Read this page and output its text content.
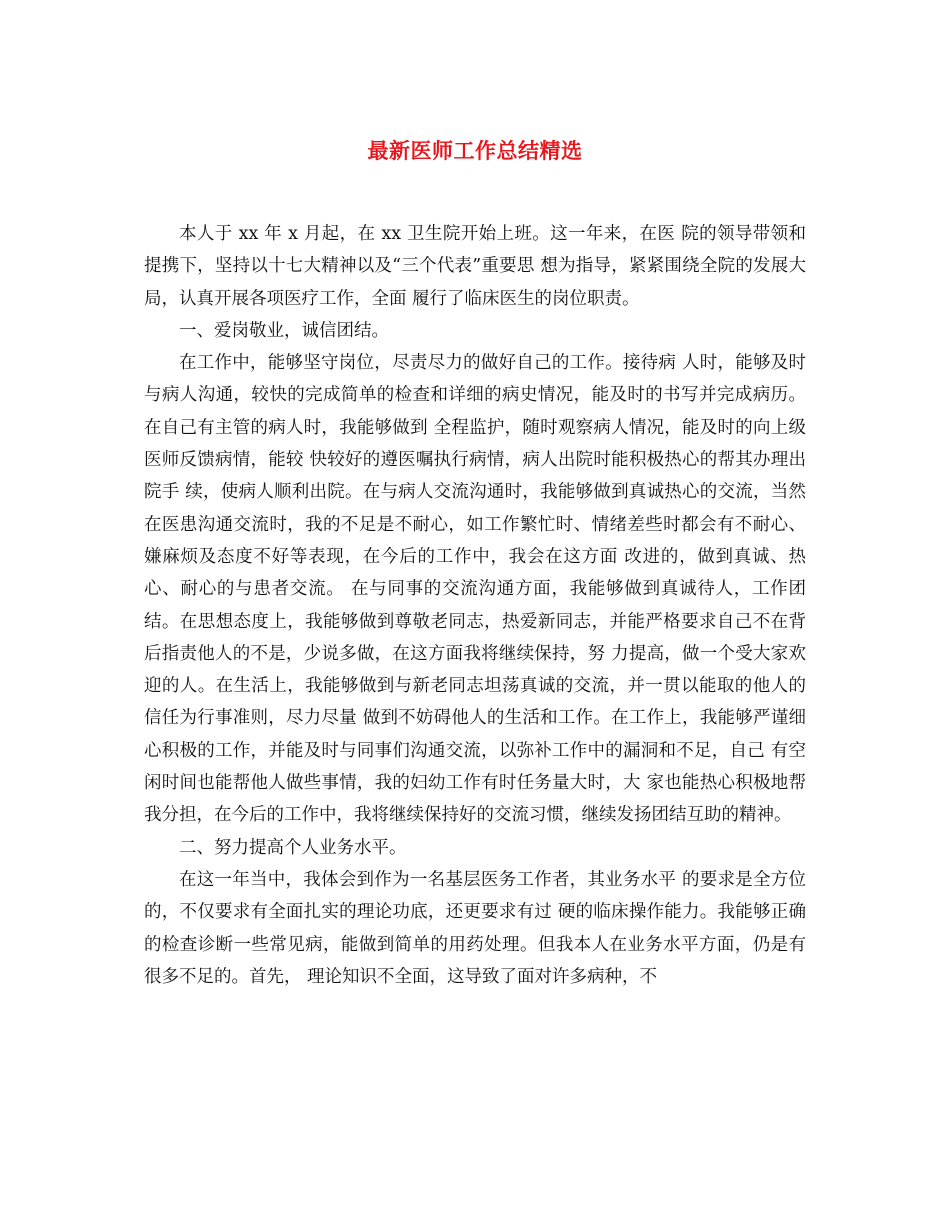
最新医师工作总结精选

本人于 xx 年 x 月起，在 xx 卫生院开始上班。这一年来，在医 院的领导带领和提携下，坚持以十七大精神以及“三个代表”重要思 想为指导，紧紧围绕全院的发展大局，认真开展各项医疗工作，全面 履行了临床医生的岗位职责。

一、爱岗敬业，诚信团结。

在工作中，能够坚守岗位，尽责尽力的做好自己的工作。接待病 人时，能够及时与病人沟通，较快的完成简单的检查和详细的病史情况，能及时的书写并完成病历。在自己有主管的病人时，我能够做到 全程监护，随时观察病人情况，能及时的向上级医师反馈病情，能较 快较好的遵医嘱执行病情，病人出院时能积极热心的帮其办理出院手 续，使病人顺利出院。在与病人交流沟通时，我能够做到真诚热心的交流，当然在医患沟通交流时，我的不足是不耐心，如工作繁忙时、情绪差些时都会有不耐心、嫌麻烦及态度不好等表现，在今后的工作中，我会在这方面 改进的，做到真诚、热心、耐心的与患者交流。 在与同事的交流沟通方面，我能够做到真诚待人，工作团结。在思想态度上，我能够做到尊敬老同志，热爱新同志，并能严格要求自己不在背后指责他人的不是，少说多做，在这方面我将继续保持，努 力提高，做一个受大家欢迎的人。在生活上，我能够做到与新老同志坦荡真诚的交流，并一贯以能取的他人的信任为行事准则，尽力尽量 做到不妨碍他人的生活和工作。在工作上，我能够严谨细心积极的工作，并能及时与同事们沟通交流，以弥补工作中的漏洞和不足，自己 有空闲时间也能帮他人做些事情，我的妇幼工作有时任务量大时，大 家也能热心积极地帮我分担，在今后的工作中，我将继续保持好的交流习惯，继续发扬团结互助的精神。

二、努力提高个人业务水平。

在这一年当中，我体会到作为一名基层医务工作者，其业务水平 的要求是全方位的，不仅要求有全面扎实的理论功底，还更要求有过 硬的临床操作能力。我能够正确的检查诊断一些常见病，能做到简单的用药处理。但我本人在业务水平方面，仍是有很多不足的。首先， 理论知识不全面，这导致了面对许多病种，不
